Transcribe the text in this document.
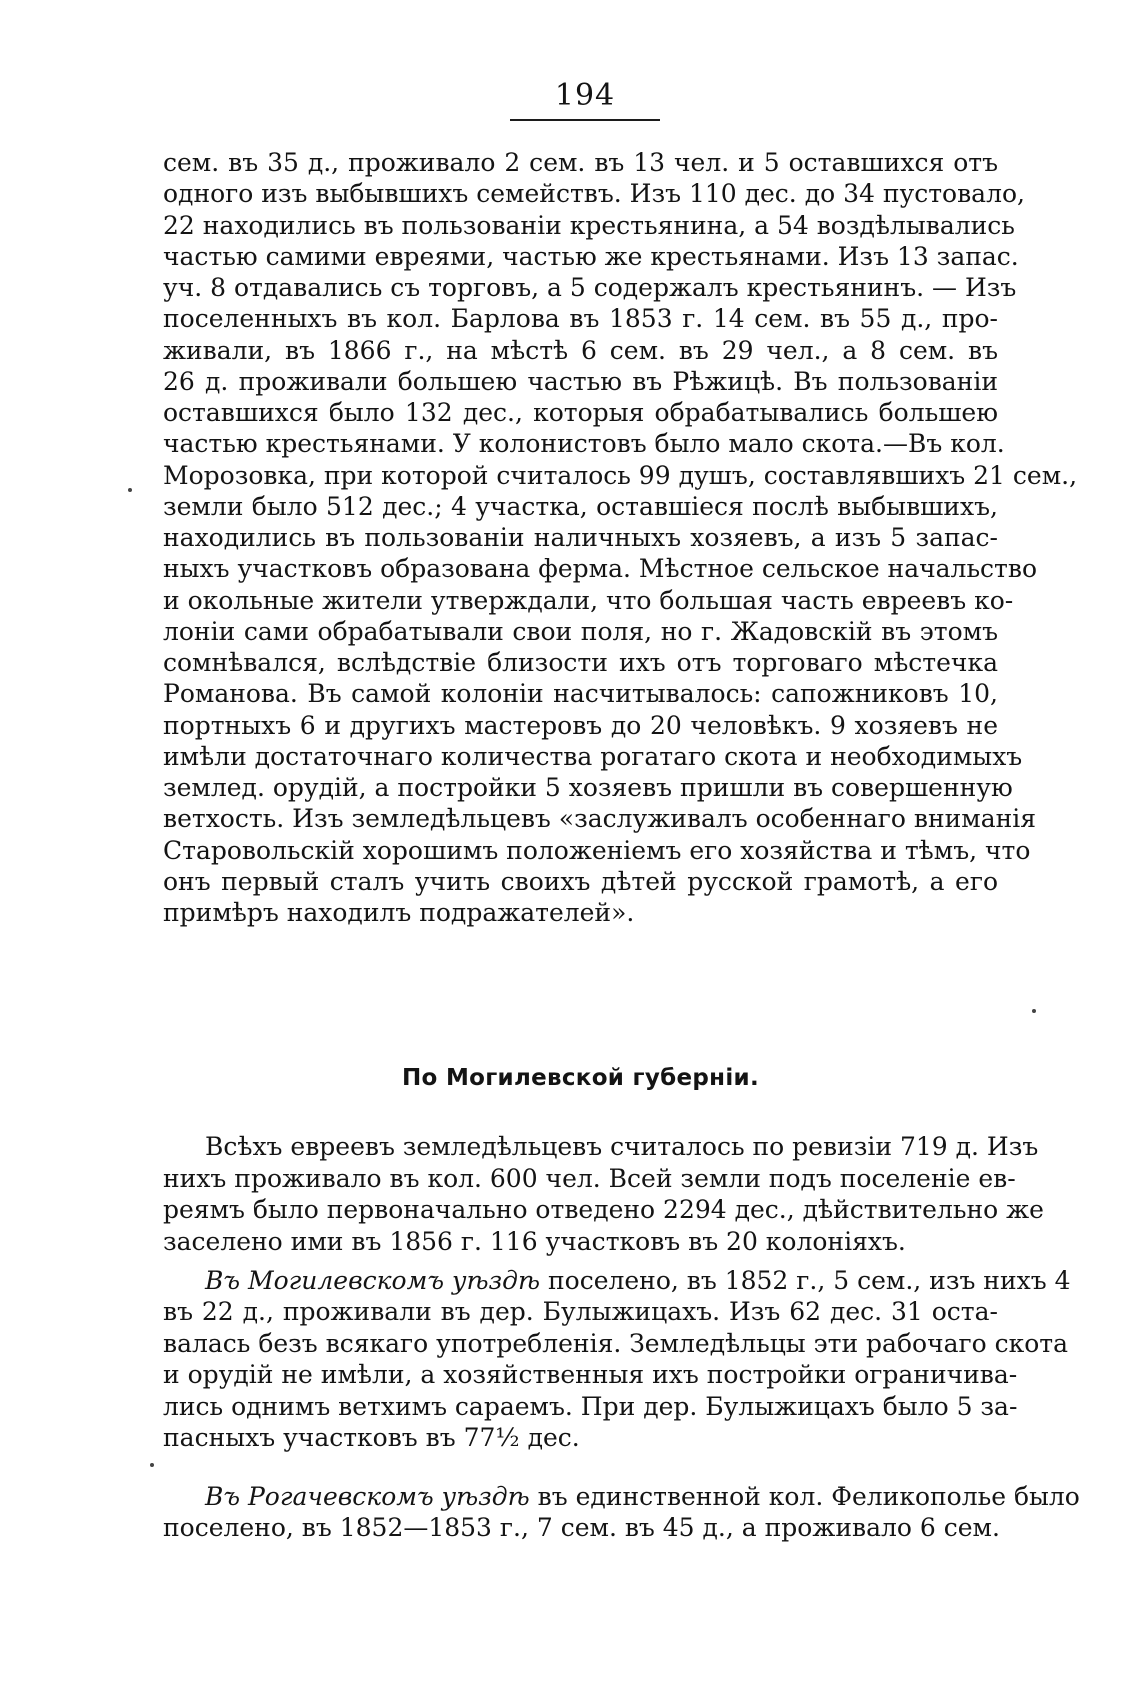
194
сем. въ 35 д., проживало 2 сем. въ 13 чел. и 5 оставшихся отъ
одного изъ выбывшихъ семействъ. Изъ 110 дес. до 34 пустовало,
22 находились въ пользованiи крестьянина, а 54 воздѣлывались
частью самими евреями, частью же крестьянами. Изъ 13 запас.
уч. 8 отдавались съ торговъ, а 5 содержалъ крестьянинъ. — Изъ
поселенныхъ въ кол. Барлова въ 1853 г. 14 сем. въ 55 д., про-
живали, въ 1866 г., на мѣстѣ 6 сем. въ 29 чел., а 8 сем. въ
26 д. проживали большею частью въ Рѣжицѣ. Въ пользованiи
оставшихся было 132 дес., которыя обрабатывались большею
частью крестьянами. У колонистовъ было мало скота.—Въ кол.
Морозовка, при которой считалось 99 душъ, составлявшихъ 21 сем.,
земли было 512 дес.; 4 участка, оставшiеся послѣ выбывшихъ,
находились въ пользованiи наличныхъ хозяевъ, а изъ 5 запас-
ныхъ участковъ образована ферма. Мѣстное сельское начальство
и окольные жители утверждали, что большая часть евреевъ ко-
лонiи сами обрабатывали свои поля, но г. Жадовскiй въ этомъ
сомнѣвался, вслѣдствiе близости ихъ отъ торговаго мѣстечка
Романова. Въ самой колонiи насчитывалось: сапожниковъ 10,
портныхъ 6 и другихъ мастеровъ до 20 человѣкъ. 9 хозяевъ не
имѣли достаточнаго количества рогатаго скота и необходимыхъ
землед. орудiй, а постройки 5 хозяевъ пришли въ совершенную
ветхость. Изъ земледѣльцевъ «заслуживалъ особеннаго вниманiя
Старовольскiй хорошимъ положенiемъ его хозяйства и тѣмъ, что
онъ первый сталъ учить своихъ дѣтей русской грамотѣ, а его
примѣръ находилъ подражателей».
По Могилевской губернiи.
Всѣхъ евреевъ земледѣльцевъ считалось по ревизiи 719 д. Изъ
нихъ проживало въ кол. 600 чел. Всей земли подъ поселенiе ев-
реямъ было первоначально отведено 2294 дес., дѣйствительно же
заселено ими въ 1856 г. 116 участковъ въ 20 колонiяхъ.
Въ Могилевскомъ уѣздѣ поселено, въ 1852 г., 5 сем., изъ нихъ 4
въ 22 д., проживали въ дер. Булыжицахъ. Изъ 62 дес. 31 оста-
валась безъ всякаго употребленiя. Земледѣльцы эти рабочаго скота
и орудiй не имѣли, а хозяйственныя ихъ постройки ограничива-
лись однимъ ветхимъ сараемъ. При дер. Булыжицахъ было 5 за-
пасныхъ участковъ въ 77½ дес.
Въ Рогачевскомъ уѣздѣ въ единственной кол. Феликополье было
поселено, въ 1852—1853 г., 7 сем. въ 45 д., а проживало 6 сем.
